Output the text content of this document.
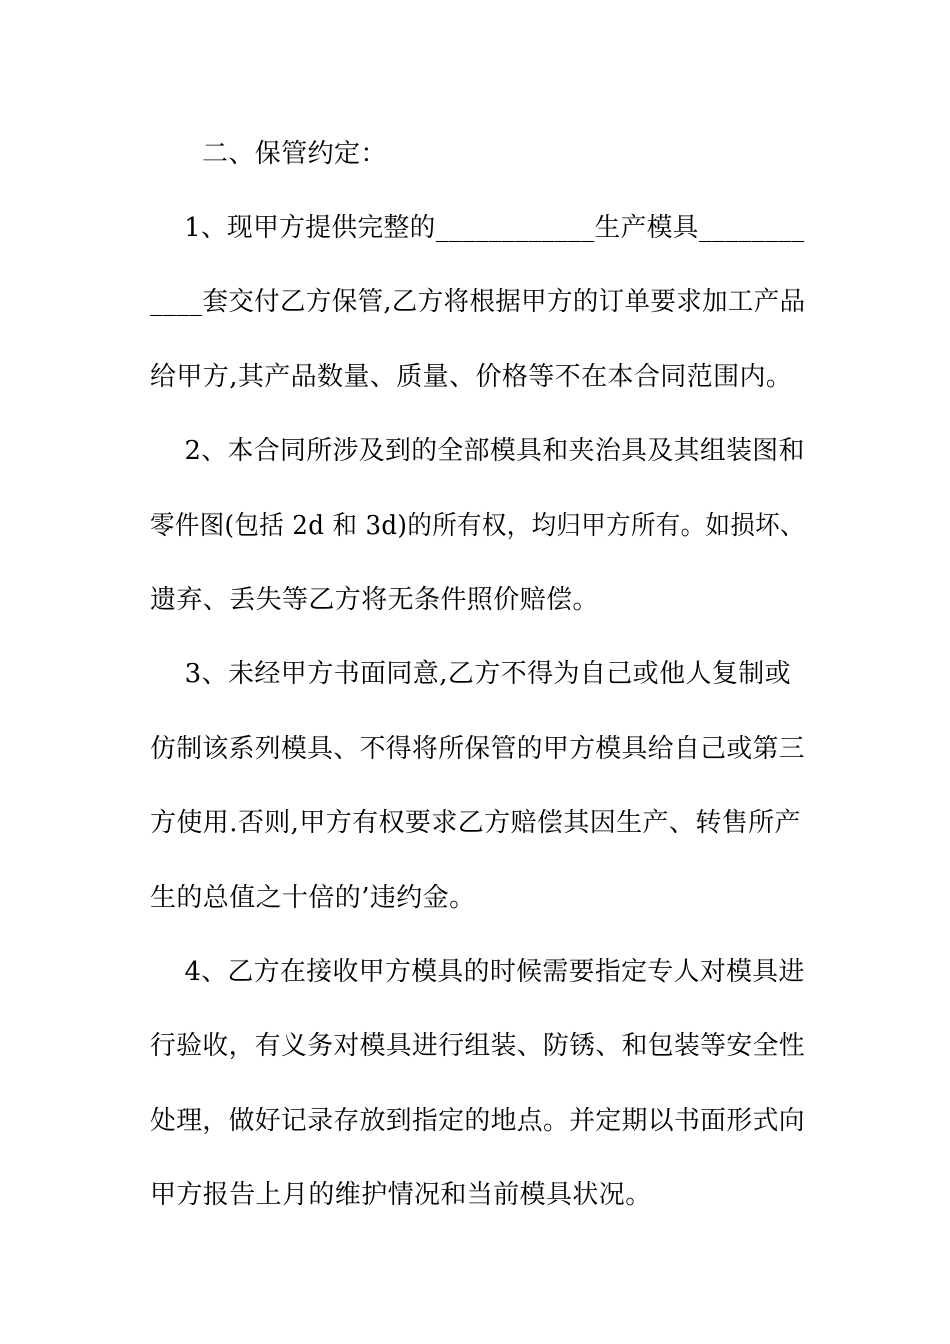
二、保管约定：
1、现甲方提供完整的____________生产模具________
____套交付乙方保管,乙方将根据甲方的订单要求加工产品
给甲方,其产品数量、质量、价格等不在本合同范围内。
2、本合同所涉及到的全部模具和夹治具及其组装图和
零件图(包括 2d 和 3d)的所有权，均归甲方所有。如损坏、
遗弃、丢失等乙方将无条件照价赔偿。
3、未经甲方书面同意,乙方不得为自己或他人复制或
仿制该系列模具、不得将所保管的甲方模具给自己或第三
方使用.否则,甲方有权要求乙方赔偿其因生产、转售所产
生的总值之十倍的’违约金。
4、乙方在接收甲方模具的时候需要指定专人对模具进
行验收，有义务对模具进行组装、防锈、和包装等安全性
处理，做好记录存放到指定的地点。并定期以书面形式向
甲方报告上月的维护情况和当前模具状况。
